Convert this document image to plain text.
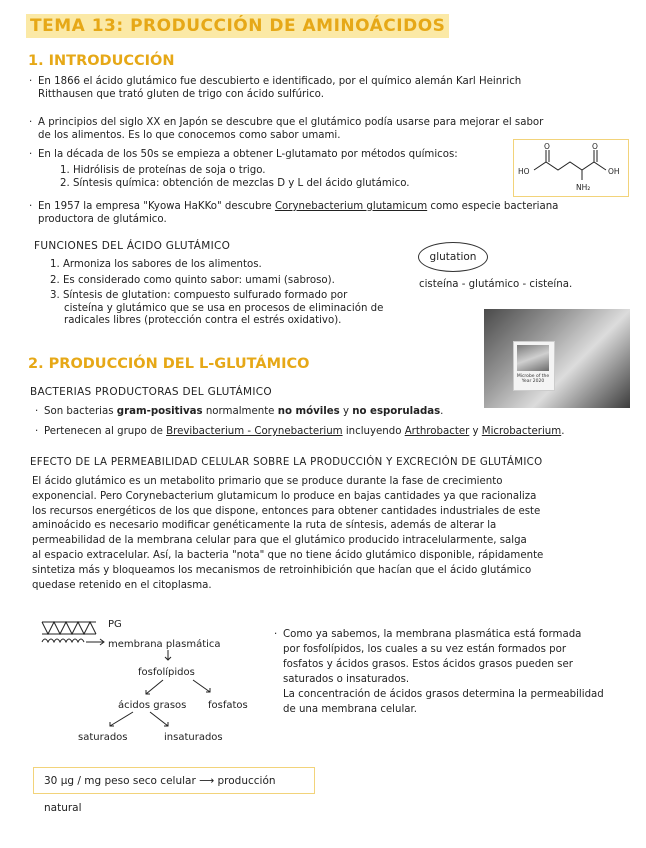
TEMA 13: PRODUCCIÓN DE AMINOÁCIDOS
1. INTRODUCCIÓN
· En 1866 el ácido glutámico fue descubierto e identificado, por el químico alemán Karl Heinrich
Ritthausen que trató gluten de trigo con ácido sulfúrico.
· A principios del siglo XX en Japón se descubre que el glutámico podía usarse para mejorar el sabor
de los alimentos. Es lo que conocemos como sabor umami.
· En la década de los 50s se empieza a obtener L-glutamato por métodos químicos:
1. Hidrólisis de proteínas de soja o trigo.
2. Síntesis química: obtención de mezclas D y L del ácido glutámico.
· En 1957 la empresa "Kyowa HaKKo" descubre Corynebacterium glutamicum como especie bacteriana
productora de glutámico.
HO	OH
O	O
NH₂
FUNCIONES DEL ÁCIDO GLUTÁMICO
1. Armoniza los sabores de los alimentos.
2. Es considerado como quinto sabor: umami (sabroso).
3. Síntesis de glutation: compuesto sulfurado formado por
cisteína y glutámico que se usa en procesos de eliminación de
radicales libres (protección contra el estrés oxidativo).
glutation
cisteína - glutámico - cisteína.
Microbe of the
Year 2020
2. PRODUCCIÓN DEL L-GLUTÁMICO
BACTERIAS PRODUCTORAS DEL GLUTÁMICO
· Son bacterias gram-positivas normalmente no móviles y no esporuladas.
· Pertenecen al grupo de Brevibacterium - Corynebacterium incluyendo Arthrobacter y Microbacterium.
EFECTO DE LA PERMEABILIDAD CELULAR SOBRE LA PRODUCCIÓN Y EXCRECIÓN DE GLUTÁMICO
El ácido glutámico es un metabolito primario que se produce durante la fase de crecimiento
exponencial. Pero Corynebacterium glutamicum lo produce en bajas cantidades ya que racionaliza
los recursos energéticos de los que dispone, entonces para obtener cantidades industriales de este
aminoácido es necesario modificar genéticamente la ruta de síntesis, además de alterar la
permeabilidad de la membrana celular para que el glutámico producido intracelularmente, salga
al espacio extracelular. Así, la bacteria "nota" que no tiene ácido glutámico disponible, rápidamente
sintetiza más y bloqueamos los mecanismos de retroinhibición que hacían que el ácido glutámico
quedase retenido en el citoplasma.
PG
membrana plasmática
fosfolípidos
ácidos grasos fosfatos
saturados	insaturados
· Como ya sabemos, la membrana plasmática está formada
por fosfolípidos, los cuales a su vez están formados por
fosfatos y ácidos grasos. Estos ácidos grasos pueden ser
saturados o insaturados.
La concentración de ácidos grasos determina la permeabilidad
de una membrana celular.
30 µg / mg peso seco celular ⟶ producción natural
